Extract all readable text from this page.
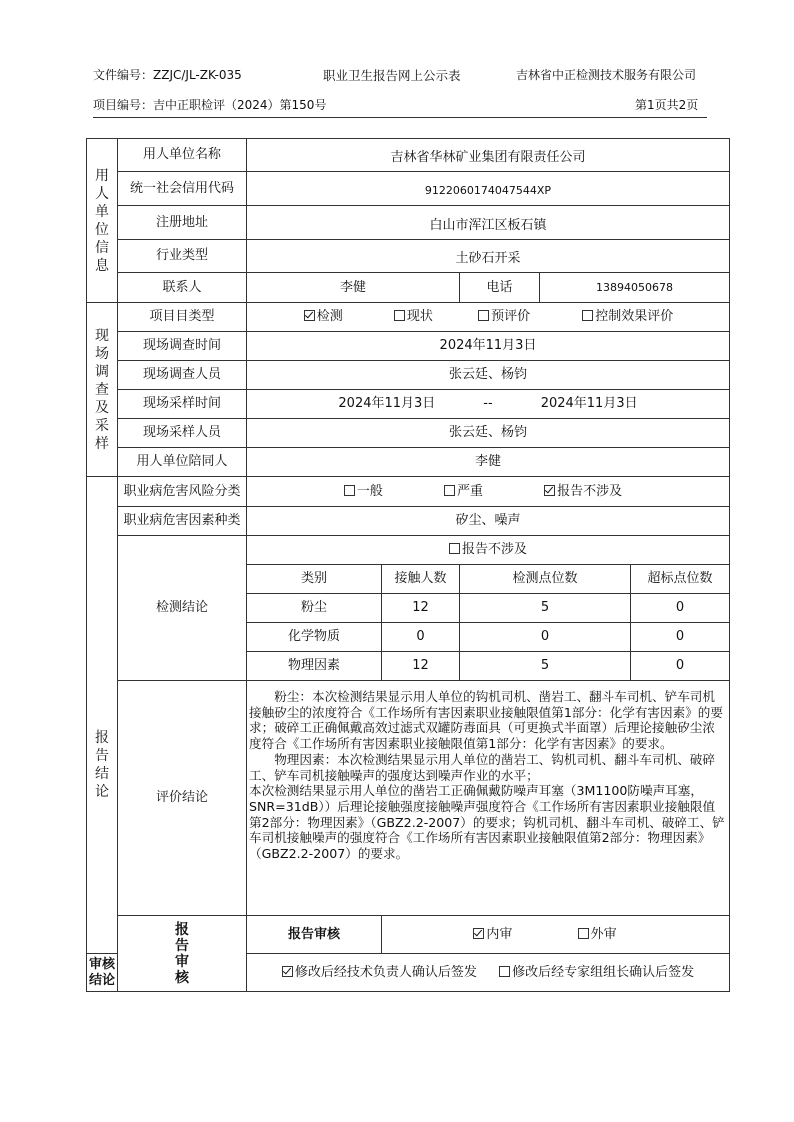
文件编号：ZZJC/JL-ZK-035	职业卫生报告网上公示表	吉林省中正检测技术服务有限公司
项目编号：吉中正职检评（2024）第150号	第1页共2页
用人单位信息	用人单位名称	吉林省华林矿业集团有限责任公司				
	统一社会信用代码	91220601740475​44XP				
	注册地址	白山市浑江区板石镇				
	行业类型	土砂石开采				
	联系人	李健		电话	13894050678	

现场调查及采样	项目目类型	检测 现状 预评价 控制效果评价				
	现场调查时间	2024年11月3日				
	现场调查人员	张云廷、杨钧				
	现场采样时间	2024年11月3日 -- 2024年11月3日				
	现场采样人员	张云廷、杨钧				
	用人单位陪同人	李健				

报告结论	职业病危害风险分类	一般 严重 报告不涉及				
	职业病危害因素种类	矽尘、噪声				
	检测结论	报告不涉及				
		类别	接触人数	检测点位数		超标点位数
		粉尘	12	5		0
		化学物质	0	0		0
		物理因素	12	5		0
	评价结论	粉尘：本次检测结果显示用人单位的钩机司机、凿岩工、翻斗车司机、铲车司机接触矽尘的浓度符合《工作场所有害因素职业接触限值第1部分：化学有害因素》的要求；破碎工正确佩戴高效过滤式双罐防毒面具（可更换式半面罩）后理论接触矽尘浓度符合《工作场所有害因素职业接触限值第1部分：化学有害因素》的要求。

物理因素：本次检测结果显示用人单位的凿岩工、钩机司机、翻斗车司机、破碎工、铲车司机接触噪声的强度达到噪声作业的水平；

本次检测结果显示用人单位的凿岩工正确佩戴防噪声耳塞（3M1100防噪声耳塞，SNR=31dB））后理论接触强度接触噪声强度符合《工作场所有害因素职业接触限值第2部分：物理因素》（GBZ2.2-2007）的要求；钩机司机、翻斗车司机、破碎工、铲车司机接触噪声的强度符合《工作场所有害因素职业接触限值第2部分：物理因素》（GBZ2.2-2007）的要求。				

	报告审核	报告审核	内审 外审			
审核结论		修改后经技术负责人确认后签发 修改后经专家组组长确认后签发				
